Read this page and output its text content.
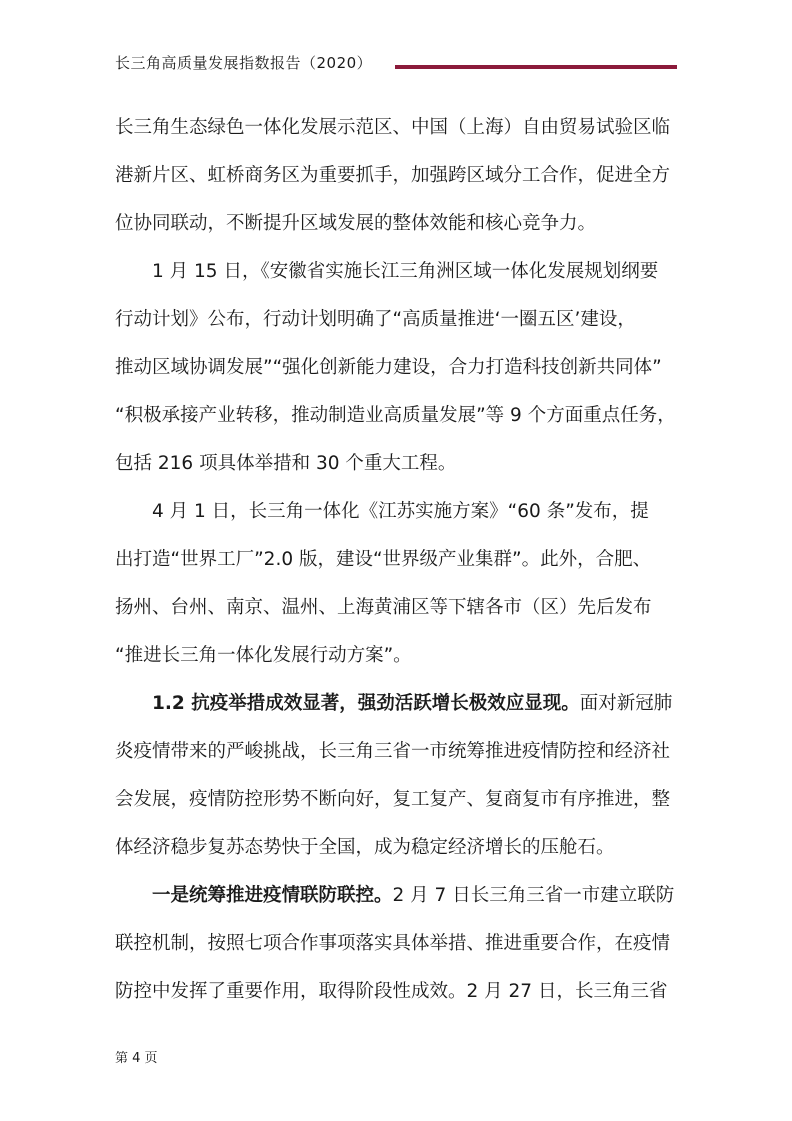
长三角高质量发展指数报告（2020）

长三角生态绿色一体化发展示范区、中国（上海）自由贸易试验区临
港新片区、虹桥商务区为重要抓手，加强跨区域分工合作，促进全方
位协同联动，不断提升区域发展的整体效能和核心竞争力。

1 月 15 日，《安徽省实施长江三角洲区域一体化发展规划纲要
行动计划》公布，行动计划明确了“高质量推进‘一圈五区’建设，
推动区域协调发展”“强化创新能力建设，合力打造科技创新共同体”
“积极承接产业转移，推动制造业高质量发展”等 9 个方面重点任务，
包括 216 项具体举措和 30 个重大工程。

4 月 1 日，长三角一体化《江苏实施方案》“60 条”发布，提
出打造“世界工厂”2.0 版，建设“世界级产业集群”。此外，合肥、
扬州、台州、南京、温州、上海黄浦区等下辖各市（区）先后发布
“推进长三角一体化发展行动方案”。

1.2 抗疫举措成效显著，强劲活跃增长极效应显现。面对新冠肺
炎疫情带来的严峻挑战，长三角三省一市统筹推进疫情防控和经济社
会发展，疫情防控形势不断向好，复工复产、复商复市有序推进，整
体经济稳步复苏态势快于全国，成为稳定经济增长的压舱石。

一是统筹推进疫情联防联控。2 月 7 日长三角三省一市建立联防
联控机制，按照七项合作事项落实具体举措、推进重要合作，在疫情
防控中发挥了重要作用，取得阶段性成效。2 月 27 日，长三角三省

第 4 页
